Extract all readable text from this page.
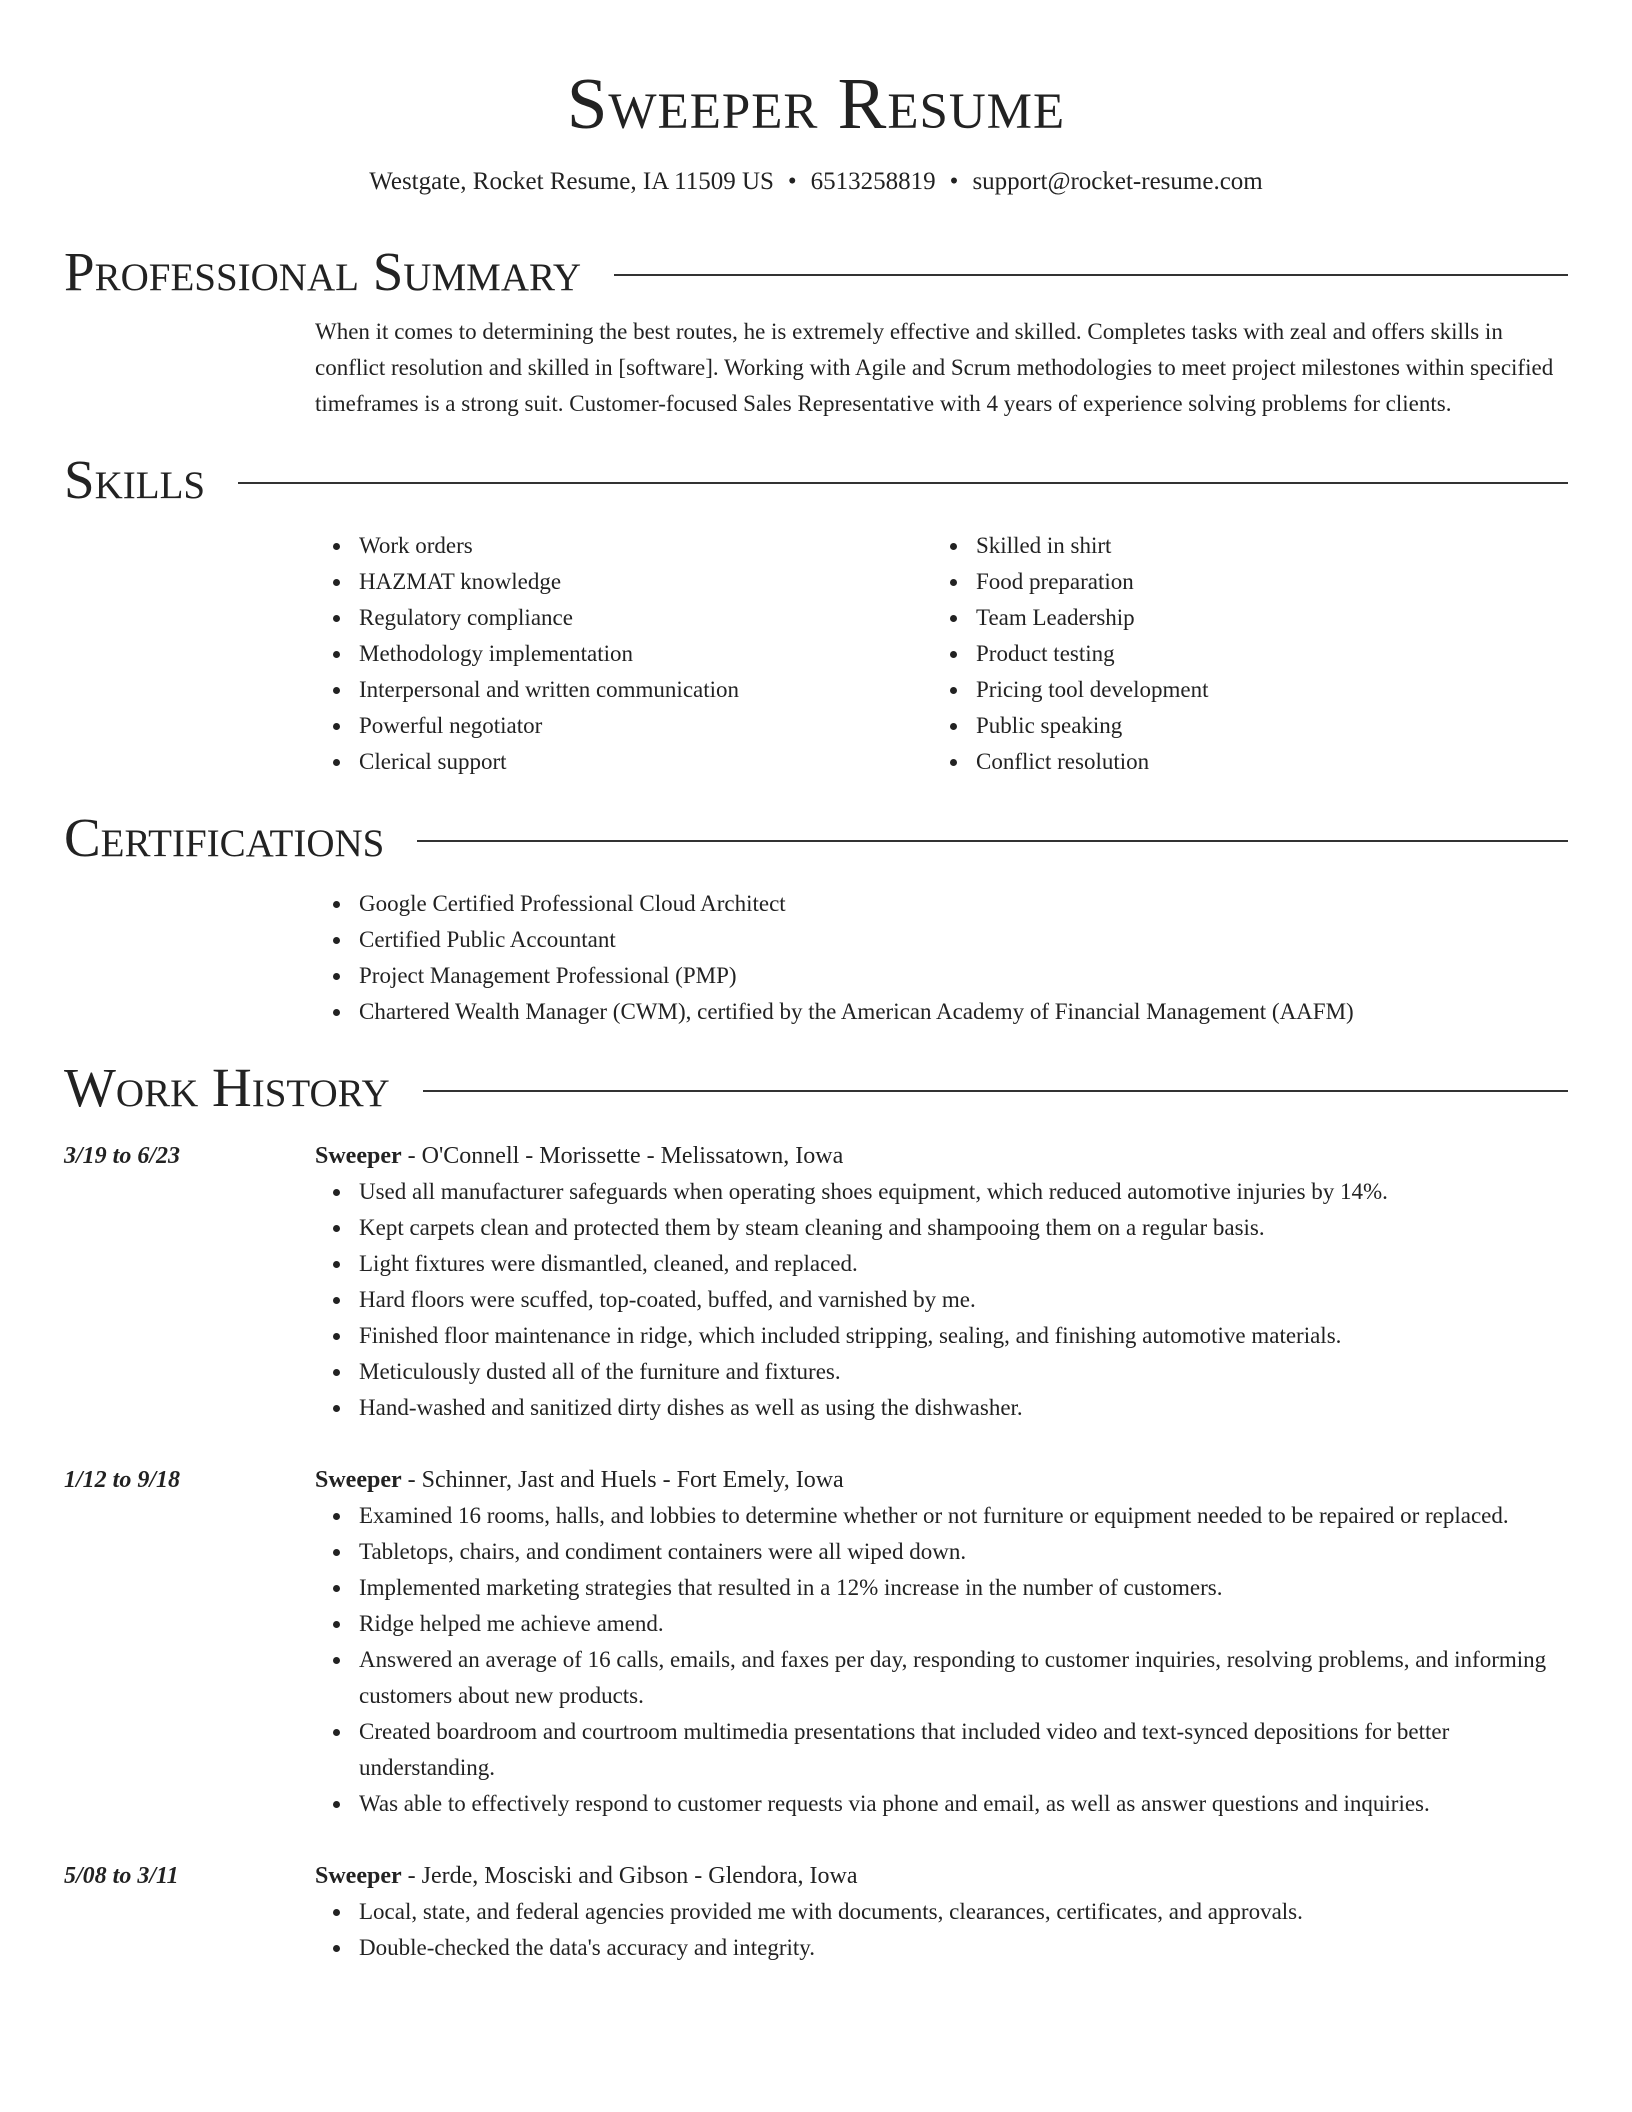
Sweeper Resume
Westgate, Rocket Resume, IA 11509 US • 6513258819 • support@rocket-resume.com
Professional Summary
When it comes to determining the best routes, he is extremely effective and skilled. Completes tasks with zeal and offers skills in conflict resolution and skilled in [software]. Working with Agile and Scrum methodologies to meet project milestones within specified timeframes is a strong suit. Customer-focused Sales Representative with 4 years of experience solving problems for clients.
Skills
Work orders
HAZMAT knowledge
Regulatory compliance
Methodology implementation
Interpersonal and written communication
Powerful negotiator
Clerical support
Skilled in shirt
Food preparation
Team Leadership
Product testing
Pricing tool development
Public speaking
Conflict resolution
Certifications
Google Certified Professional Cloud Architect
Certified Public Accountant
Project Management Professional (PMP)
Chartered Wealth Manager (CWM), certified by the American Academy of Financial Management (AAFM)
Work History
3/19 to 6/23	Sweeper - O'Connell - Morissette - Melissatown, Iowa
Used all manufacturer safeguards when operating shoes equipment, which reduced automotive injuries by 14%.
Kept carpets clean and protected them by steam cleaning and shampooing them on a regular basis.
Light fixtures were dismantled, cleaned, and replaced.
Hard floors were scuffed, top-coated, buffed, and varnished by me.
Finished floor maintenance in ridge, which included stripping, sealing, and finishing automotive materials.
Meticulously dusted all of the furniture and fixtures.
Hand-washed and sanitized dirty dishes as well as using the dishwasher.
1/12 to 9/18	Sweeper - Schinner, Jast and Huels - Fort Emely, Iowa
Examined 16 rooms, halls, and lobbies to determine whether or not furniture or equipment needed to be repaired or replaced.
Tabletops, chairs, and condiment containers were all wiped down.
Implemented marketing strategies that resulted in a 12% increase in the number of customers.
Ridge helped me achieve amend.
Answered an average of 16 calls, emails, and faxes per day, responding to customer inquiries, resolving problems, and informing customers about new products.
Created boardroom and courtroom multimedia presentations that included video and text-synced depositions for better understanding.
Was able to effectively respond to customer requests via phone and email, as well as answer questions and inquiries.
5/08 to 3/11	Sweeper - Jerde, Mosciski and Gibson - Glendora, Iowa
Local, state, and federal agencies provided me with documents, clearances, certificates, and approvals.
Double-checked the data's accuracy and integrity.
